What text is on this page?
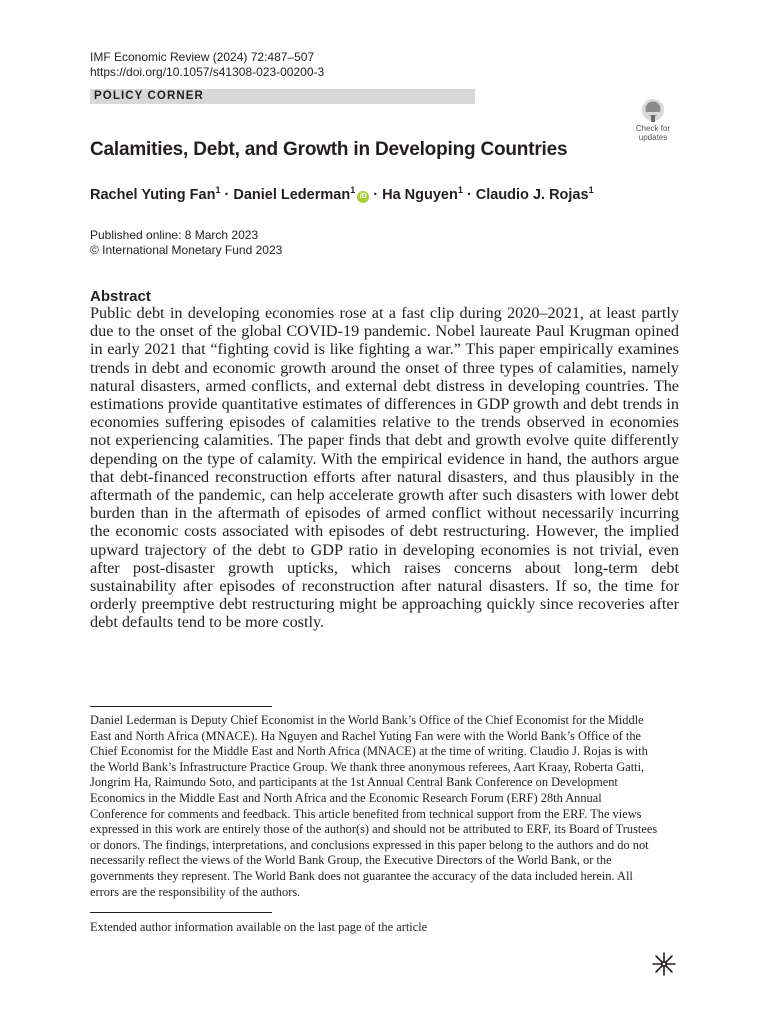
IMF Economic Review (2024) 72:487–507
https://doi.org/10.1057/s41308-023-00200-3
POLICY CORNER
Check for
updates
Calamities, Debt, and Growth in Developing Countries
Rachel Yuting Fan$^1$ · Daniel Lederman$^1$iD · Ha Nguyen$^1$ · Claudio J. Rojas$^1$
Published online: 8 March 2023
© International Monetary Fund 2023
Abstract
Public debt in developing economies rose at a fast clip during 2020–2021, at least partly due to the onset of the global COVID-19 pandemic. Nobel laureate Paul Krugman opined in early 2021 that “fighting covid is like fighting a war.” This paper empirically examines trends in debt and economic growth around the onset of three types of calamities, namely natural disasters, armed conflicts, and external debt distress in developing countries. The estimations provide quantitative estimates of differences in GDP growth and debt trends in economies suffering episodes of calamities relative to the trends observed in economies not experiencing calamities. The paper finds that debt and growth evolve quite differently depending on the type of calamity. With the empirical evidence in hand, the authors argue that debt-financed reconstruction efforts after natural disasters, and thus plausibly in the aftermath of the pandemic, can help accelerate growth after such disasters with lower debt burden than in the aftermath of episodes of armed conflict without necessarily incurring the economic costs associated with episodes of debt restructuring. However, the implied upward trajectory of the debt to GDP ratio in developing economies is not trivial, even after post-disaster growth upticks, which raises concerns about long-term debt sustainability after episodes of reconstruction after natural disasters. If so, the time for orderly preemptive debt restructuring might be approaching quickly since recoveries after debt defaults tend to be more costly.
Daniel Lederman is Deputy Chief Economist in the World Bank’s Office of the Chief Economist for the Middle East and North Africa (MNACE). Ha Nguyen and Rachel Yuting Fan were with the World Bank’s Office of the Chief Economist for the Middle East and North Africa (MNACE) at the time of writing. Claudio J. Rojas is with the World Bank’s Infrastructure Practice Group. We thank three anonymous referees, Aart Kraay, Roberta Gatti, Jongrim Ha, Raimundo Soto, and participants at the 1st Annual Central Bank Conference on Development Economics in the Middle East and North Africa and the Economic Research Forum (ERF) 28th Annual Conference for comments and feedback. This article benefited from technical support from the ERF. The views expressed in this work are entirely those of the author(s) and should not be attributed to ERF, its Board of Trustees or donors. The findings, interpretations, and conclusions expressed in this paper belong to the authors and do not necessarily reflect the views of the World Bank Group, the Executive Directors of the World Bank, or the governments they represent. The World Bank does not guarantee the accuracy of the data included herein. All errors are the responsibility of the authors.
Extended author information available on the last page of the article
